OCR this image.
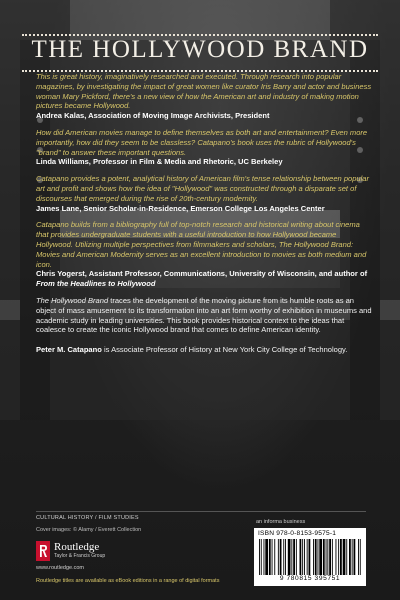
THE HOLLYWOOD BRAND

This is great history, imaginatively researched and executed. Through research into popular magazines, by investigating the impact of great women like curator Iris Barry and actor and business woman Mary Pickford, there's a new view of how the American art and industry of making motion pictures became Hollywood.

Andrea Kalas, Association of Moving Image Archivists, President

How did American movies manage to define themselves as both art and entertainment? Even more importantly, how did they seem to be classless? Catapano's book uses the rubric of Hollywood's "brand" to answer these important questions.

Linda Williams, Professor in Film & Media and Rhetoric, UC Berkeley

Catapano provides a potent, analytical history of American film's tense relationship between popular art and profit and shows how the idea of "Hollywood" was constructed through a disparate set of discourses that emerged during the rise of 20th-century modernity.

James Lane, Senior Scholar-in-Residence, Emerson College Los Angeles Center

Catapano builds from a bibliography full of top-notch research and historical writing about cinema that provides undergraduate students with a useful introduction to how Hollywood became Hollywood. Utilizing multiple perspectives from filmmakers and scholars, The Hollywood Brand: Movies and American Modernity serves as an excellent introduction to movies as both medium and icon.

Chris Yogerst, Assistant Professor, Communications, University of Wisconsin, and author of From the Headlines to Hollywood

The Hollywood Brand traces the development of the moving picture from its humble roots as an object of mass amusement to its transformation into an art form worthy of exhibition in museums and academic study in leading universities. This book provides historical context to the ideas that coalesce to create the iconic Hollywood brand that comes to define American identity.

Peter M. Catapano is Associate Professor of History at New York City College of Technology.

CULTURAL HISTORY / FILM STUDIES
Cover images: © Alamy / Everett Collection
Routledge
Taylor & Francis Group
www.routledge.com
Routledge titles are available as eBook editions in a range of digital formats
an informa business
ISBN 978-0-8153-9575-1
9 780815 395751
